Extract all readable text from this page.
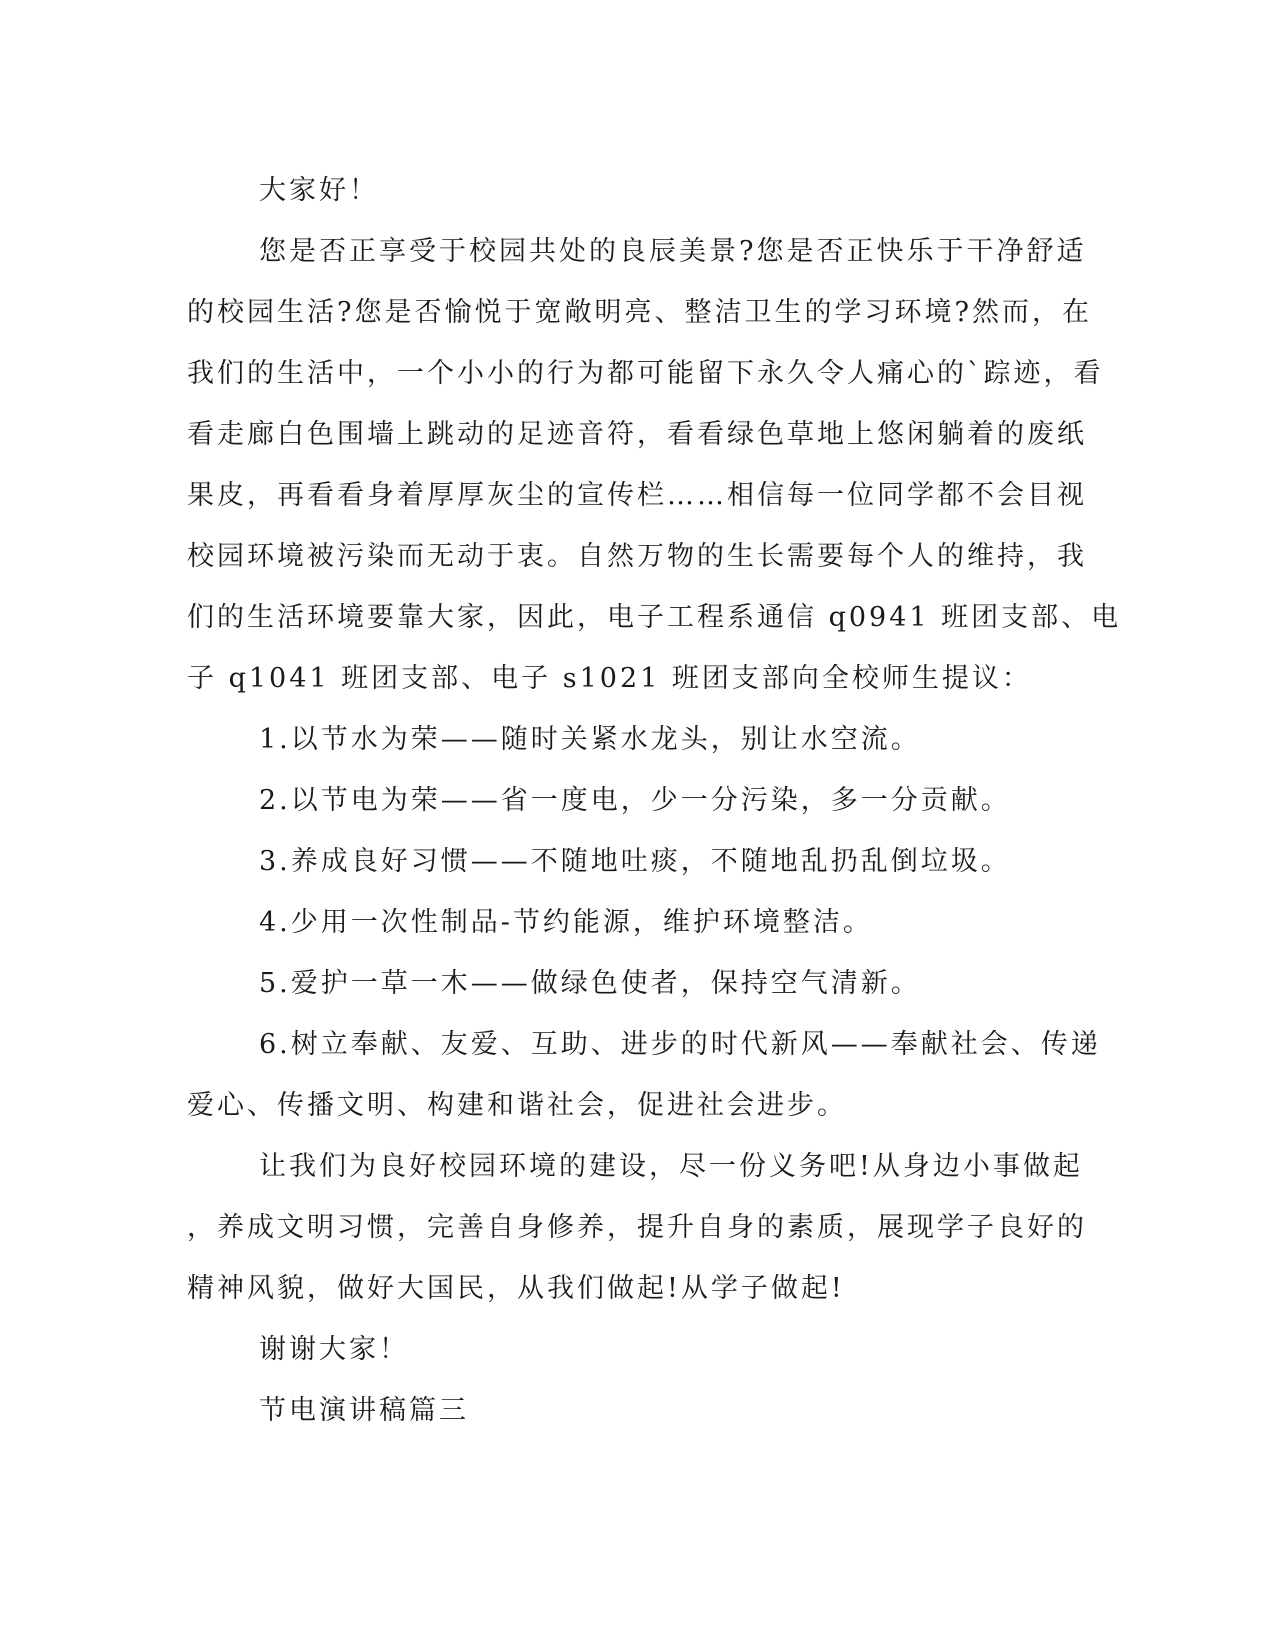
大家好！

您是否正享受于校园共处的良辰美景?您是否正快乐于干净舒适

的校园生活?您是否愉悦于宽敞明亮、整洁卫生的学习环境?然而，在
我们的生活中，一个小小的行为都可能留下永久令人痛心的`踪迹，看
看走廊白色围墙上跳动的足迹音符，看看绿色草地上悠闲躺着的废纸
果皮，再看看身着厚厚灰尘的宣传栏……相信每一位同学都不会目视
校园环境被污染而无动于衷。自然万物的生长需要每个人的维持，我
们的生活环境要靠大家，因此，电子工程系通信 q0941 班团支部、电
子 q1041 班团支部、电子 s1021 班团支部向全校师生提议：

1.以节水为荣——随时关紧水龙头，别让水空流。

2.以节电为荣——省一度电，少一分污染，多一分贡献。

3.养成良好习惯——不随地吐痰，不随地乱扔乱倒垃圾。

4.少用一次性制品-节约能源，维护环境整洁。

5.爱护一草一木——做绿色使者，保持空气清新。

6.树立奉献、友爱、互助、进步的时代新风——奉献社会、传递

爱心、传播文明、构建和谐社会，促进社会进步。

让我们为良好校园环境的建设，尽一份义务吧!从身边小事做起

，养成文明习惯，完善自身修养，提升自身的素质，展现学子良好的
精神风貌，做好大国民，从我们做起!从学子做起!

谢谢大家！

节电演讲稿篇三
